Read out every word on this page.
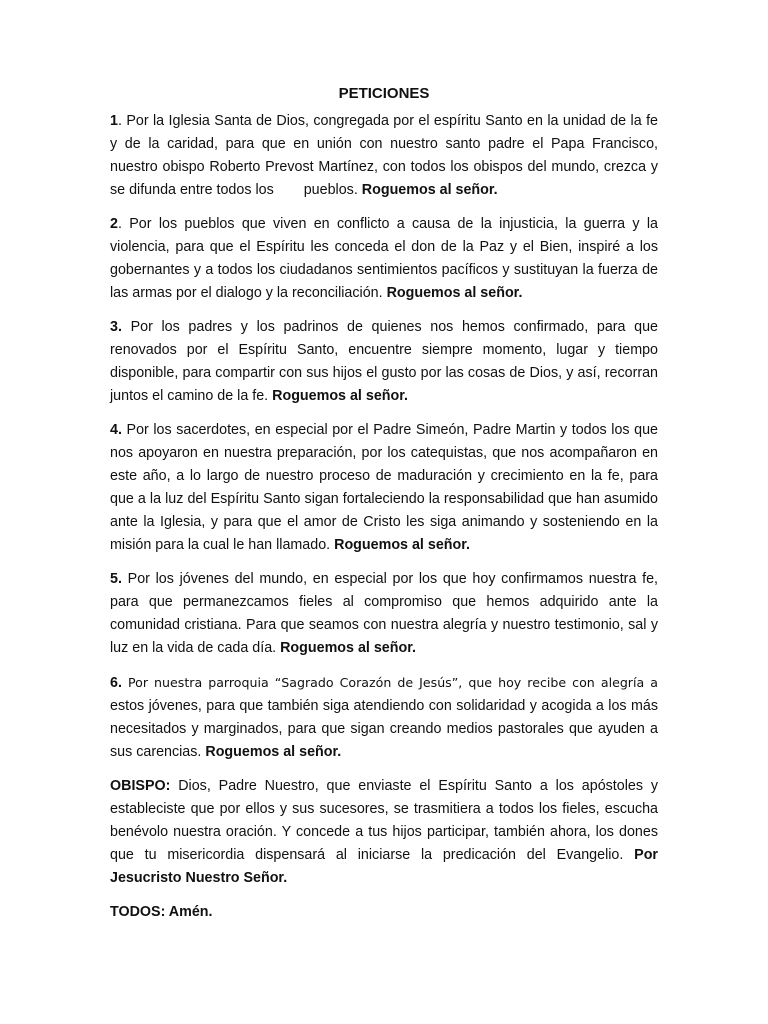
PETICIONES

1. Por la Iglesia Santa de Dios, congregada por el espíritu Santo en la unidad de la fe y de la caridad, para que en unión con nuestro santo padre el Papa Francisco, nuestro obispo Roberto Prevost Martínez, con todos los obispos del mundo, crezca y se difunda entre todos los pueblos. Roguemos al señor.

2. Por los pueblos que viven en conflicto a causa de la injusticia, la guerra y la violencia, para que el Espíritu les conceda el don de la Paz y el Bien, inspiré a los gobernantes y a todos los ciudadanos sentimientos pacíficos y sustituyan la fuerza de las armas por el dialogo y la reconciliación. Roguemos al señor.

3. Por los padres y los padrinos de quienes nos hemos confirmado, para que renovados por el Espíritu Santo, encuentre siempre momento, lugar y tiempo disponible, para compartir con sus hijos el gusto por las cosas de Dios, y así, recorran juntos el camino de la fe. Roguemos al señor.

4. Por los sacerdotes, en especial por el Padre Simeón, Padre Martin y todos los que nos apoyaron en nuestra preparación, por los catequistas, que nos acompañaron en este año, a lo largo de nuestro proceso de maduración y crecimiento en la fe, para que a la luz del Espíritu Santo sigan fortaleciendo la responsabilidad que han asumido ante la Iglesia, y para que el amor de Cristo les siga animando y sosteniendo en la misión para la cual le han llamado. Roguemos al señor.

5. Por los jóvenes del mundo, en especial por los que hoy confirmamos nuestra fe, para que permanezcamos fieles al compromiso que hemos adquirido ante la comunidad cristiana. Para que seamos con nuestra alegría y nuestro testimonio, sal y luz en la vida de cada día. Roguemos al señor.

6. Por nuestra parroquia “Sagrado Corazón de Jesús”, que hoy recibe con alegría a estos jóvenes, para que también siga atendiendo con solidaridad y acogida a los más necesitados y marginados, para que sigan creando medios pastorales que ayuden a sus carencias. Roguemos al señor.

OBISPO: Dios, Padre Nuestro, que enviaste el Espíritu Santo a los apóstoles y estableciste que por ellos y sus sucesores, se trasmitiera a todos los fieles, escucha benévolo nuestra oración. Y concede a tus hijos participar, también ahora, los dones que tu misericordia dispensará al iniciarse la predicación del Evangelio. Por Jesucristo Nuestro Señor.

TODOS: Amén.
